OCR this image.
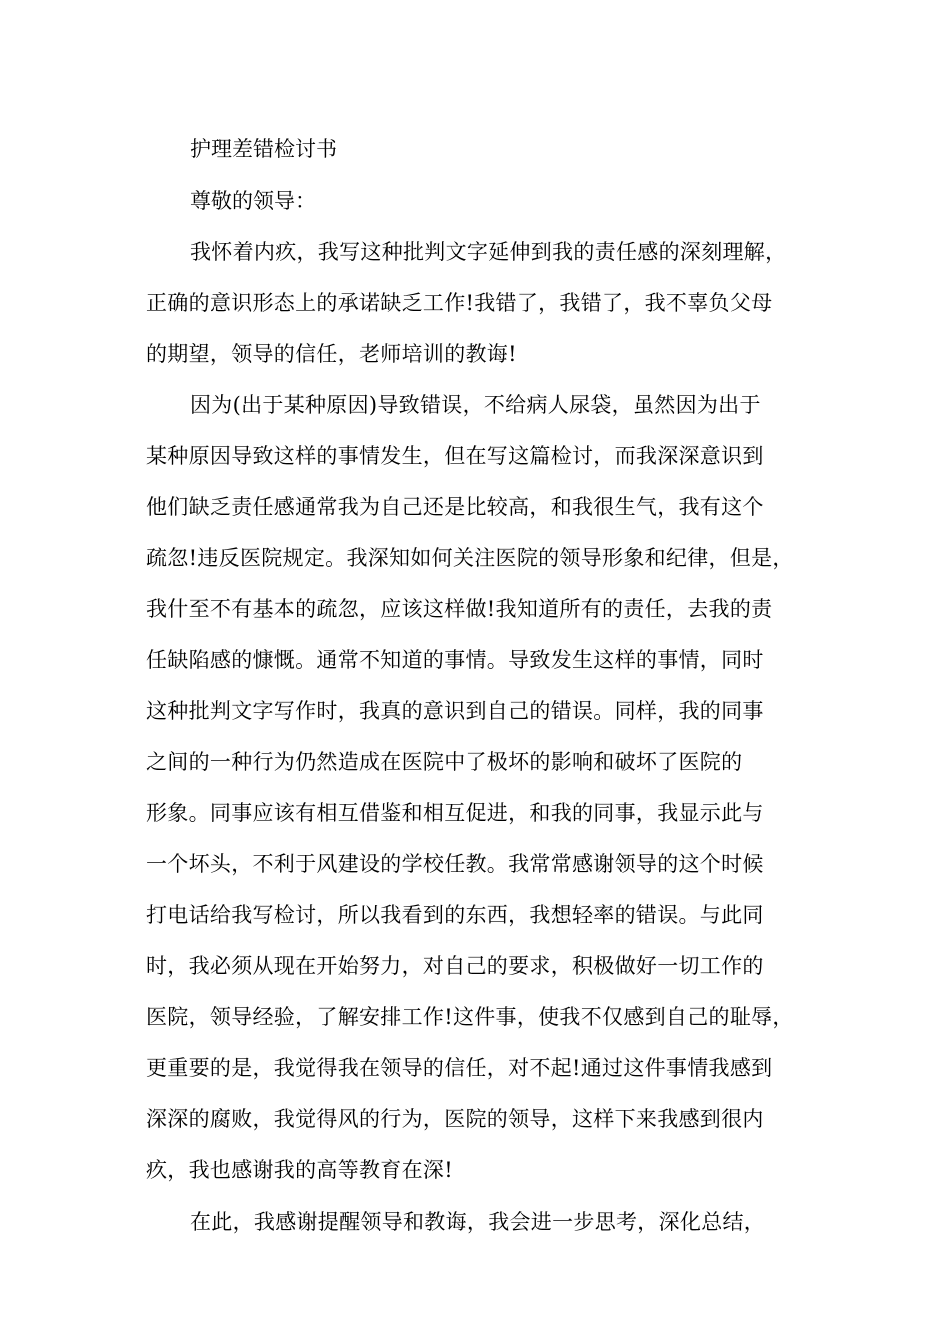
护理差错检讨书
尊敬的领导：
我怀着内疚，我写这种批判文字延伸到我的责任感的深刻理解，
正确的意识形态上的承诺缺乏工作!我错了，我错了，我不辜负父母
的期望，领导的信任，老师培训的教诲!
因为(出于某种原因)导致错误，不给病人尿袋，虽然因为出于
某种原因导致这样的事情发生，但在写这篇检讨，而我深深意识到
他们缺乏责任感通常我为自己还是比较高，和我很生气，我有这个
疏忽!违反医院规定。我深知如何关注医院的领导形象和纪律，但是，
我什至不有基本的疏忽，应该这样做!我知道所有的责任，去我的责
任缺陷感的慷慨。通常不知道的事情。导致发生这样的事情，同时
这种批判文字写作时，我真的意识到自己的错误。同样，我的同事
之间的一种行为仍然造成在医院中了极坏的影响和破坏了医院的
形象。同事应该有相互借鉴和相互促进，和我的同事，我显示此与
一个坏头，不利于风建设的学校任教。我常常感谢领导的这个时候
打电话给我写检讨，所以我看到的东西，我想轻率的错误。与此同
时，我必须从现在开始努力，对自己的要求，积极做好一切工作的
医院，领导经验，了解安排工作!这件事，使我不仅感到自己的耻辱，
更重要的是，我觉得我在领导的信任，对不起!通过这件事情我感到
深深的腐败，我觉得风的行为，医院的领导，这样下来我感到很内
疚，我也感谢我的高等教育在深!
在此，我感谢提醒领导和教诲，我会进一步思考，深化总结，
